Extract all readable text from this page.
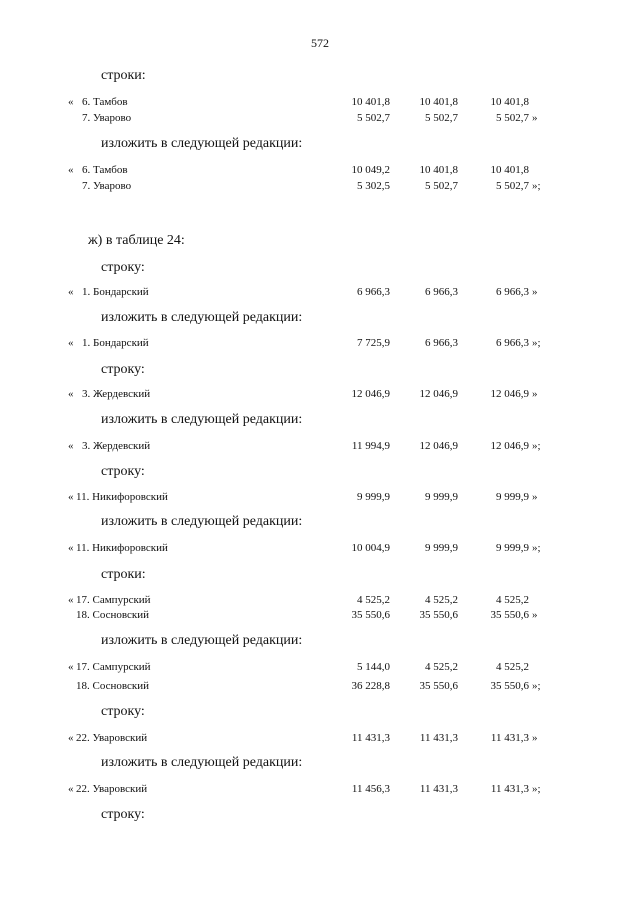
572
строки:
« 6. Тамбов	10 401,8	10 401,8	10 401,8
7. Уварово	5 502,7	5 502,7	5 502,7 »
изложить в следующей редакции:
« 6. Тамбов	10 049,2	10 401,8	10 401,8
7. Уварово	5 302,5	5 502,7	5 502,7 »;
ж) в таблице 24:
строку:
« 1. Бондарский	6 966,3	6 966,3	6 966,3 »
изложить в следующей редакции:
« 1. Бондарский	7 725,9	6 966,3	6 966,3 »;
строку:
« 3. Жердевский	12 046,9	12 046,9	12 046,9 »
изложить в следующей редакции:
« 3. Жердевский	11 994,9	12 046,9	12 046,9 »;
строку:
« 11. Никифоровский	9 999,9	9 999,9	9 999,9 »
изложить в следующей редакции:
« 11. Никифоровский	10 004,9	9 999,9	9 999,9 »;
строки:
« 17. Сампурский	4 525,2	4 525,2	4 525,2
18. Сосновский	35 550,6	35 550,6	35 550,6 »
изложить в следующей редакции:
« 17. Сампурский	5 144,0	4 525,2	4 525,2
18. Сосновский	36 228,8	35 550,6	35 550,6 »;
строку:
« 22. Уваровский	11 431,3	11 431,3	11 431,3 »
изложить в следующей редакции:
« 22. Уваровский	11 456,3	11 431,3	11 431,3 »;
строку:
